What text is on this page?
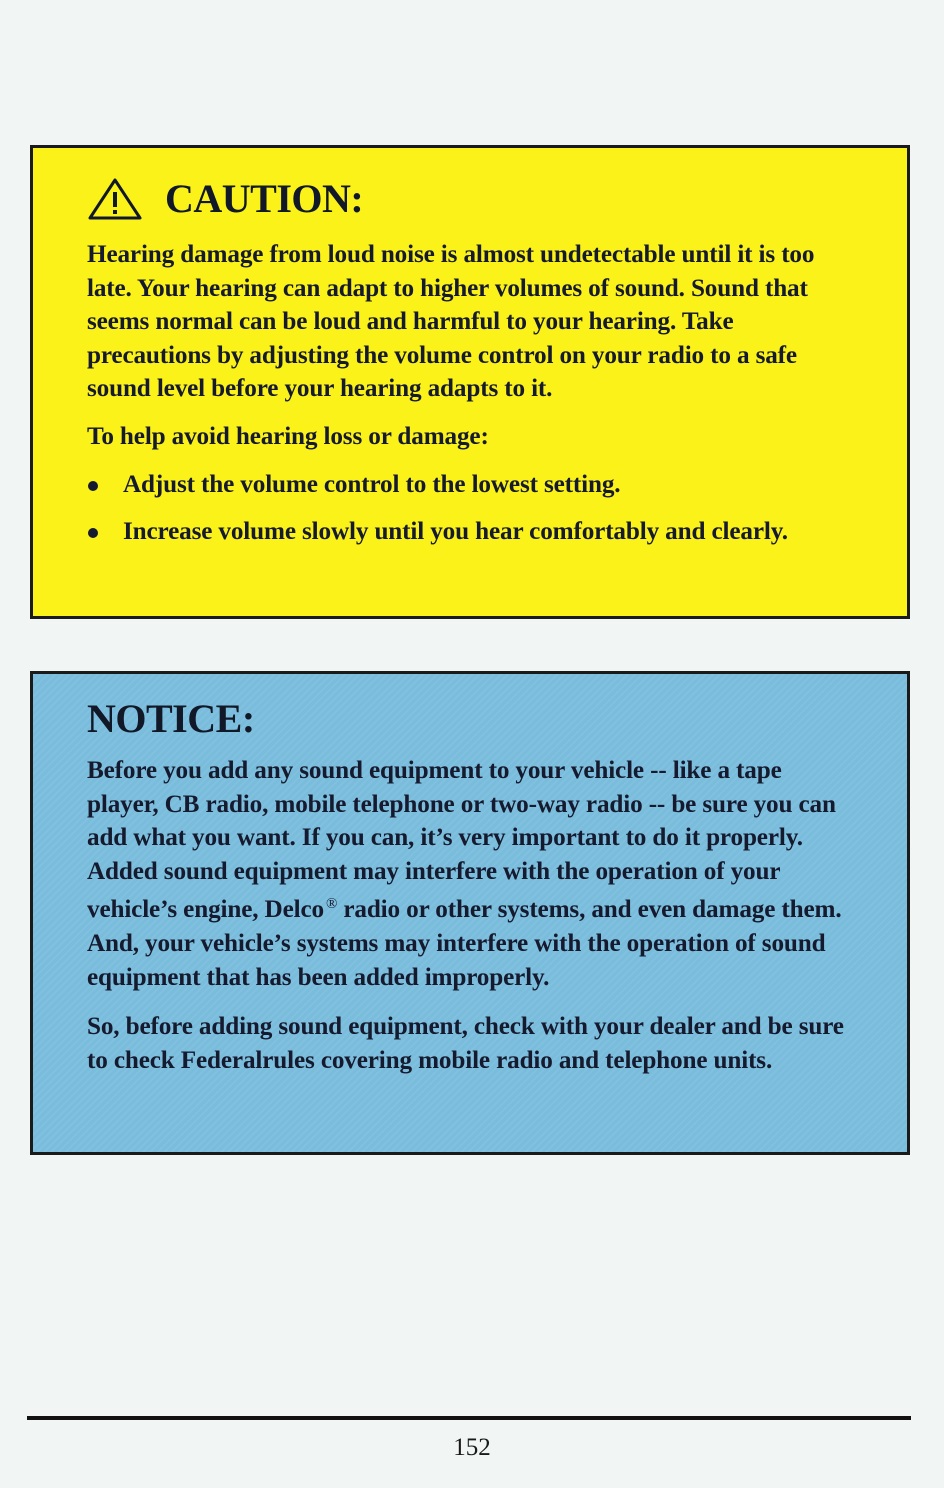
CAUTION:

Hearing damage from loud noise is almost undetectable until it is too late. Your hearing can adapt to higher volumes of sound. Sound that seems normal can be loud and harmful to your hearing. Take precautions by adjusting the volume control on your radio to a safe sound level before your hearing adapts to it.

To help avoid hearing loss or damage:

Adjust the volume control to the lowest setting.
Increase volume slowly until you hear comfortably and clearly.
NOTICE:

Before you add any sound equipment to your vehicle -- like a tape player, CB radio, mobile telephone or two-way radio -- be sure you can add what you want. If you can, it’s very important to do it properly. Added sound equipment may interfere with the operation of your vehicle’s engine, Delco ® radio or other systems, and even damage them. And, your vehicle’s systems may interfere with the operation of sound equipment that has been added improperly.

So, before adding sound equipment, check with your dealer and be sure to check Federalrules covering mobile radio and telephone units.

152
